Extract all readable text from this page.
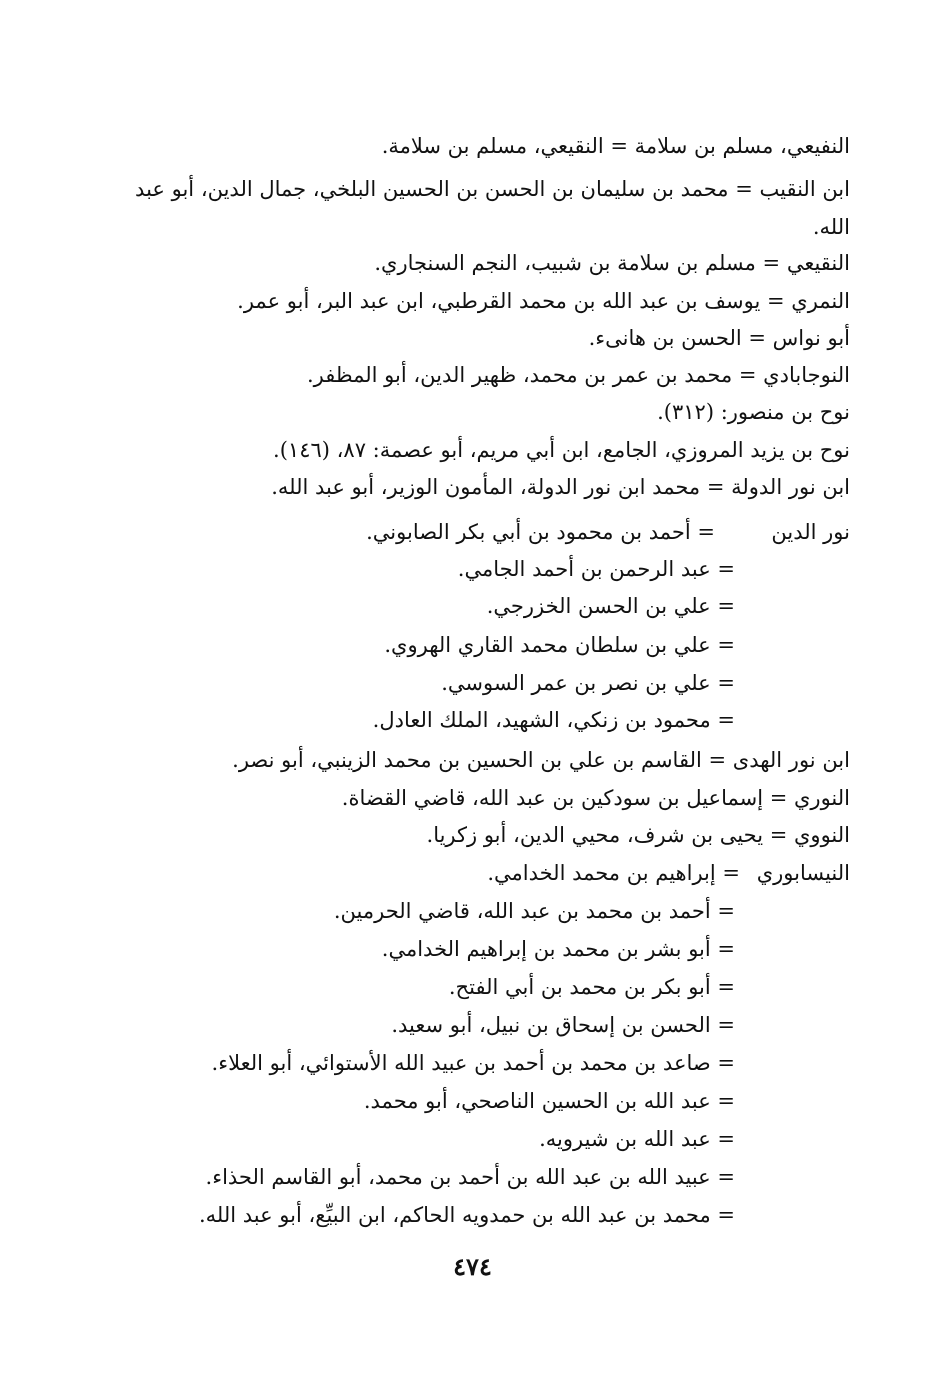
النفيعي، مسلم بن سلامة = النقيعي، مسلم بن سلامة.
ابن النقيب = محمد بن سليمان بن الحسن بن الحسين البلخي، جمال الدين، أبو عبد الله.
النقيعي = مسلم بن سلامة بن شبيب، النجم السنجاري.
النمري = يوسف بن عبد الله بن محمد القرطبي، ابن عبد البر، أبو عمر.
أبو نواس = الحسن بن هانىء.
النوجابادي = محمد بن عمر بن محمد، ظهير الدين، أبو المظفر.
نوح بن منصور: (٣١٢).
نوح بن يزيد المروزي، الجامع، ابن أبي مريم، أبو عصمة: ٨٧، (١٤٦).
ابن نور الدولة = محمد ابن نور الدولة، المأمون الوزير، أبو عبد الله.
نور الدين= أحمد بن محمود بن أبي بكر الصابوني.
= عبد الرحمن بن أحمد الجامي.
= علي بن الحسن الخزرجي.
= علي بن سلطان محمد القاري الهروي.
= علي بن نصر بن عمر السوسي.
= محمود بن زنكي، الشهيد، الملك العادل.
ابن نور الهدى = القاسم بن علي بن الحسين بن محمد الزينبي، أبو نصر.
النوري = إسماعيل بن سودكين بن عبد الله، قاضي القضاة.
النووي = يحيى بن شرف، محيي الدين، أبو زكريا.
النيسابوري= إبراهيم بن محمد الخدامي.
= أحمد بن محمد بن عبد الله، قاضي الحرمين.
= أبو بشر بن محمد بن إبراهيم الخدامي.
= أبو بكر بن محمد بن أبي الفتح.
= الحسن بن إسحاق بن نبيل، أبو سعيد.
= صاعد بن محمد بن أحمد بن عبيد الله الأستوائي، أبو العلاء.
= عبد الله بن الحسين الناصحي، أبو محمد.
= عبد الله بن شيرويه.
= عبيد الله بن عبد الله بن أحمد بن محمد، أبو القاسم الحذاء.
= محمد بن عبد الله بن حمدويه الحاكم، ابن البيِّع، أبو عبد الله.
٤٧٤
